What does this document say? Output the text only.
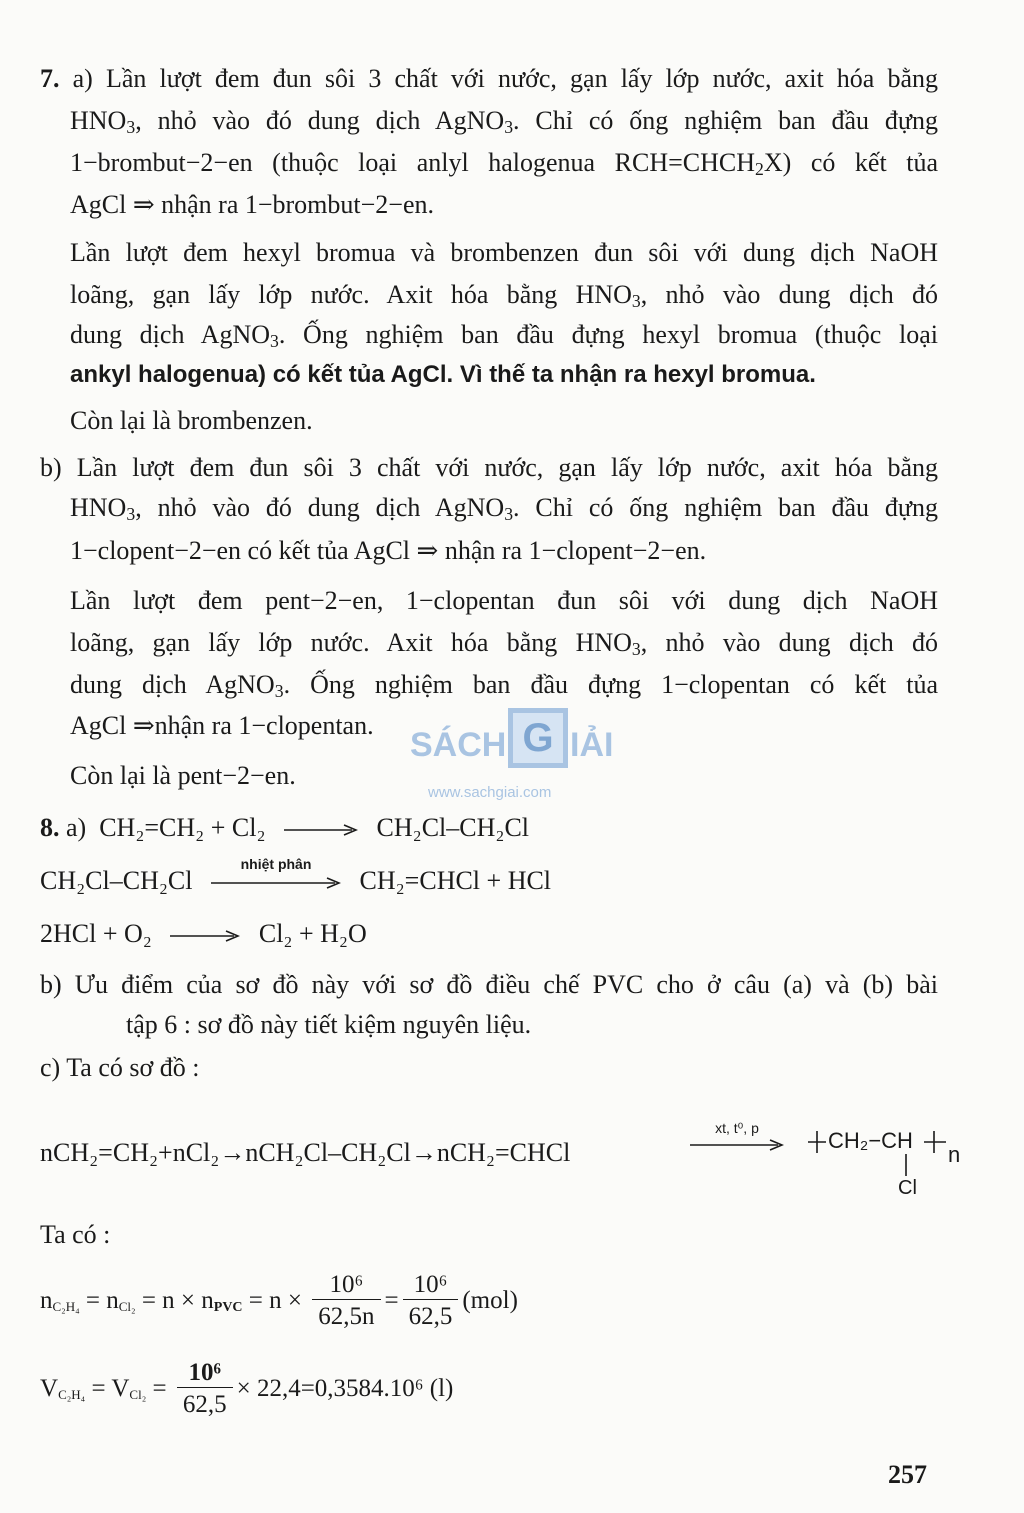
7. a) Lần lượt đem đun sôi 3 chất với nước, gạn lấy lớp nước, axit hóa bằng
$HNO_3$, nhỏ vào đó dung dịch AgNO$_3$. Chỉ có ống nghiệm ban đầu đựng
1−brombut−2−en (thuộc loại anlyl halogenua $RCH=CHCH_2X$) có kết tủa
AgCl ⇒ nhận ra 1−brombut−2−en.
Lần lượt đem hexyl bromua và brombenzen đun sôi với dung dịch NaOH
loãng, gạn lấy lớp nước. Axit hóa bằng $HNO_3$, nhỏ vào dung dịch đó
dung dịch AgNO$_3$. Ống nghiệm ban đầu đựng hexyl bromua (thuộc loại
ankyl halogenua) có kết tủa AgCl. Vì thế ta nhận ra hexyl bromua.
Còn lại là brombenzen.
b) Lần lượt đem đun sôi 3 chất với nước, gạn lấy lớp nước, axit hóa bằng
$HNO_3$, nhỏ vào đó dung dịch AgNO$_3$. Chỉ có ống nghiệm ban đầu đựng
1−clopent−2−en có kết tủa AgCl ⇒ nhận ra 1−clopent−2−en.
Lần lượt đem pent−2−en, 1−clopentan đun sôi với dung dịch NaOH
loãng, gạn lấy lớp nước. Axit hóa bằng $HNO_3$, nhỏ vào dung dịch đó
dung dịch AgNO$_3$. Ống nghiệm ban đầu đựng 1−clopentan có kết tủa
AgCl ⇒nhận ra 1−clopentan.
Còn lại là pent−2−en.
SÁCH G IẢI
www.sachgiai.com
8. a) CH₂=CH₂ + Cl₂ → CH₂Cl–CH₂Cl
CH₂Cl–CH₂Cl
nhiệt phân
CH₂=CHCl + HCl
2HCl + O₂ → Cl₂ + H₂O
b) Ưu điểm của sơ đồ này với sơ đồ điều chế PVC cho ở câu (a) và (b) bài
tập 6 : sơ đồ này tiết kiệm nguyên liệu.
c) Ta có sơ đồ :
nCH₂=CH₂+nCl₂→nCH₂Cl–CH₂Cl→nCH₂=CHCl
xt, t⁰, p	CH₂−CH
n
Cl
Ta có :
$n_{C_2H_4} = n_{Cl_2} = n \times n_{PVC} = n \times \frac{\text{10⁶}}{62,5n} = \frac{\text{10⁶}}{62,5} (mol)$
$V_{C_2H_4} = V_{Cl_2} = \frac{\text{10⁶}}{62,5} \times 22,4=0,3584.10^6$ (l)
257
